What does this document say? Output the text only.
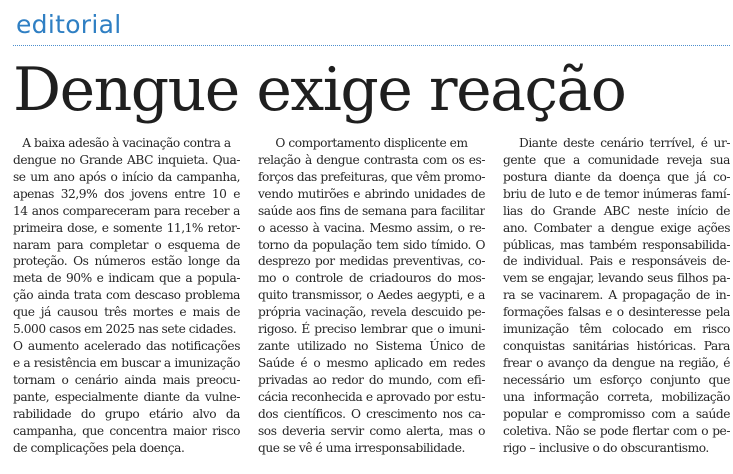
editorial
Dengue exige reação
A baixa adesão à vacinação contra a
dengue no Grande ABC inquieta. Qua-
se um ano após o início da campanha,
apenas 32,9% dos jovens entre 10 e
14 anos compareceram para receber a
primeira dose, e somente 11,1% retor-
naram para completar o esquema de
proteção. Os números estão longe da
meta de 90% e indicam que a popula-
ção ainda trata com descaso problema
que já causou três mortes e mais de
5.000 casos em 2025 nas sete cidades.
O aumento acelerado das notificações
e a resistência em buscar a imunização
tornam o cenário ainda mais preocu-
pante, especialmente diante da vulne-
rabilidade do grupo etário alvo da
campanha, que concentra maior risco
de complicações pela doença.
O comportamento displicente em
relação à dengue contrasta com os es-
forços das prefeituras, que vêm promo-
vendo mutirões e abrindo unidades de
saúde aos fins de semana para facilitar
o acesso à vacina. Mesmo assim, o re-
torno da população tem sido tímido. O
desprezo por medidas preventivas, co-
mo o controle de criadouros do mos-
quito transmissor, o Aedes aegypti, e a
própria vacinação, revela descuido pe-
rigoso. É preciso lembrar que o imuni-
zante utilizado no Sistema Único de
Saúde é o mesmo aplicado em redes
privadas ao redor do mundo, com efi-
cácia reconhecida e aprovado por estu-
dos científicos. O crescimento nos ca-
sos deveria servir como alerta, mas o
que se vê é uma irresponsabilidade.
Diante deste cenário terrível, é ur-
gente que a comunidade reveja sua
postura diante da doença que já co-
briu de luto e de temor inúmeras famí-
lias do Grande ABC neste início de
ano. Combater a dengue exige ações
públicas, mas também responsabilida-
de individual. Pais e responsáveis de-
vem se engajar, levando seus filhos pa-
ra se vacinarem. A propagação de in-
formações falsas e o desinteresse pela
imunização têm colocado em risco
conquistas sanitárias históricas. Para
frear o avanço da dengue na região, é
necessário um esforço conjunto que
una informação correta, mobilização
popular e compromisso com a saúde
coletiva. Não se pode flertar com o pe-
rigo – inclusive o do obscurantismo.
